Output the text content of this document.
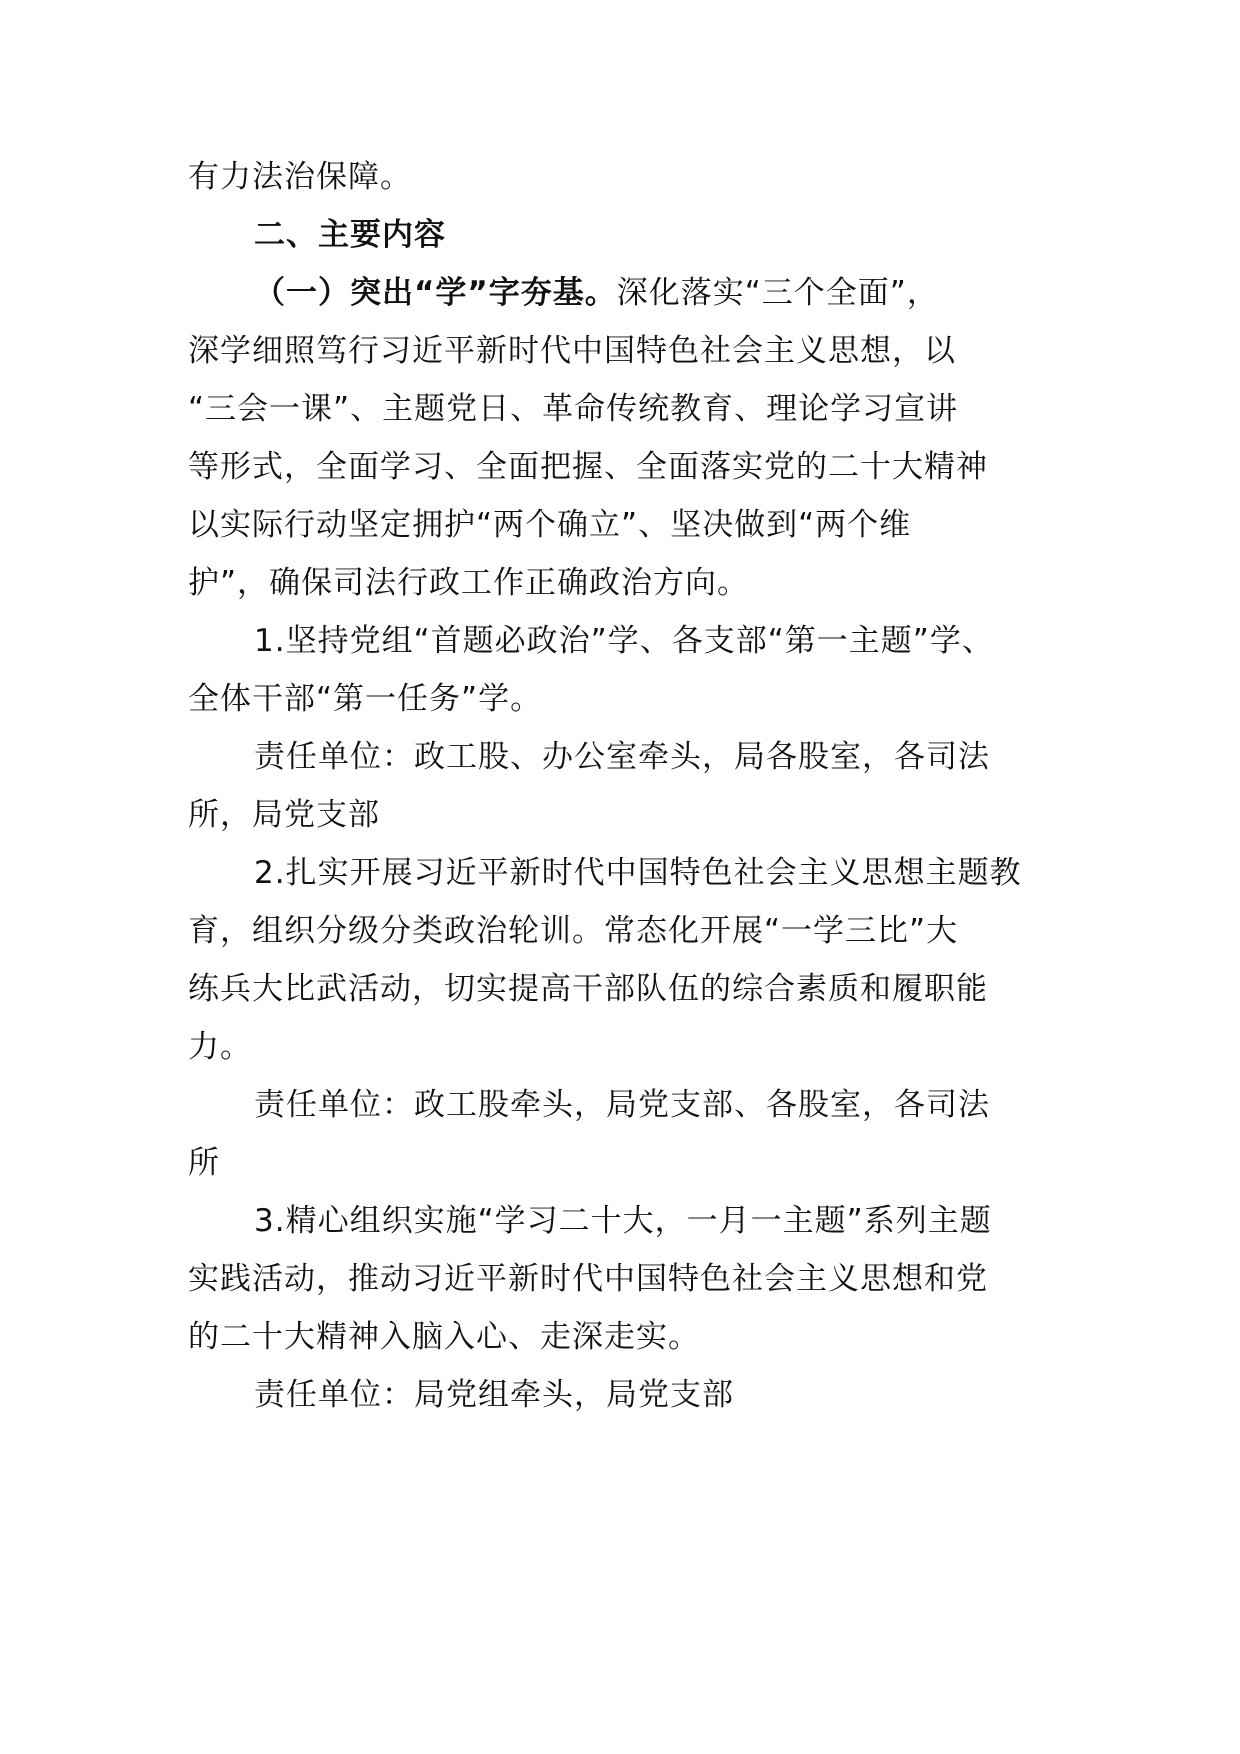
有力法治保障。
二、主要内容
（一）突出“学”字夯基。深化落实“三个全面”，
深学细照笃行习近平新时代中国特色社会主义思想，以
“三会一课”、主题党日、革命传统教育、理论学习宣讲
等形式，全面学习、全面把握、全面落实党的二十大精神
以实际行动坚定拥护“两个确立”、坚决做到“两个维
护”，确保司法行政工作正确政治方向。
1.坚持党组“首题必政治”学、各支部“第一主题”学、
全体干部“第一任务”学。
责任单位：政工股、办公室牵头，局各股室，各司法
所，局党支部
2.扎实开展习近平新时代中国特色社会主义思想主题教
育，组织分级分类政治轮训。常态化开展“一学三比”大
练兵大比武活动，切实提高干部队伍的综合素质和履职能
力。
责任单位：政工股牵头，局党支部、各股室，各司法
所
3.精心组织实施“学习二十大，一月一主题”系列主题
实践活动，推动习近平新时代中国特色社会主义思想和党
的二十大精神入脑入心、走深走实。
责任单位：局党组牵头，局党支部
